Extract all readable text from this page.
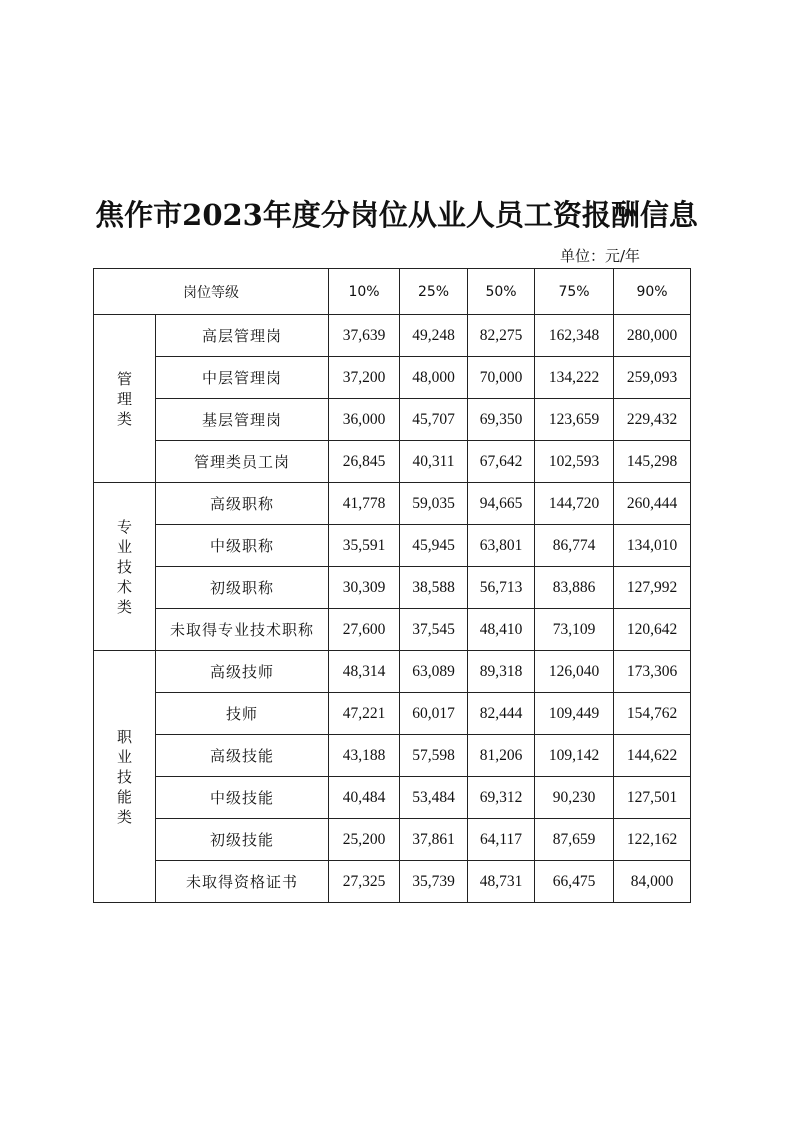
焦作市2023年度分岗位从业人员工资报酬信息
单位：元/年
岗位等级		10%	25%	50%	75%	90%

管
理
类	高层管理岗	37,639	49,248	82,275	162,348	280,000
	中层管理岗	37,200	48,000	70,000	134,222	259,093
	基层管理岗	36,000	45,707	69,350	123,659	229,432
	管理类员工岗	26,845	40,311	67,642	102,593	145,298

专
业
技
术
类	高级职称	41,778	59,035	94,665	144,720	260,444
	中级职称	35,591	45,945	63,801	86,774	134,010
	初级职称	30,309	38,588	56,713	83,886	127,992
	未取得专业技术职称	27,600	37,545	48,410	73,109	120,642

职
业
技
能
类	高级技师	48,314	63,089	89,318	126,040	173,306
	技师	47,221	60,017	82,444	109,449	154,762
	高级技能	43,188	57,598	81,206	109,142	144,622
	中级技能	40,484	53,484	69,312	90,230	127,501
	初级技能	25,200	37,861	64,117	87,659	122,162
	未取得资格证书	27,325	35,739	48,731	66,475	84,000
